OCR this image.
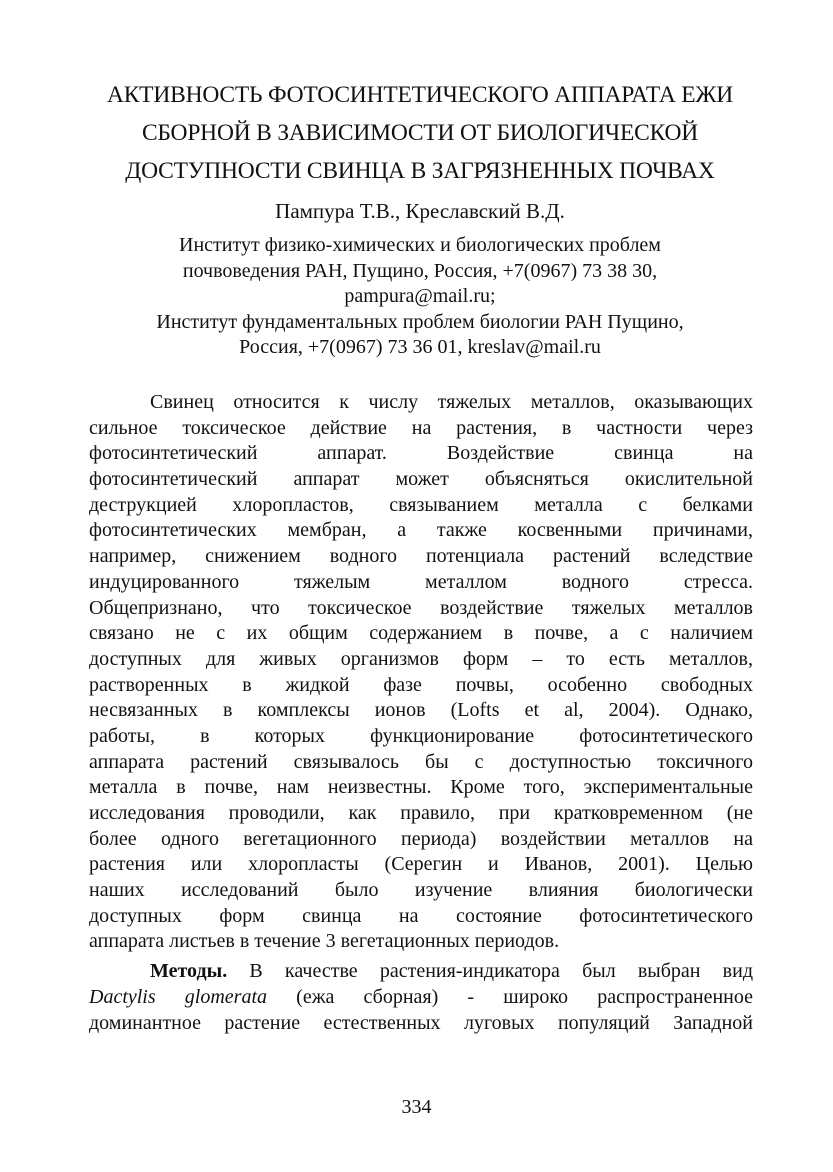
АКТИВНОСТЬ ФОТОСИНТЕТИЧЕСКОГО АППАРАТА ЕЖИ
СБОРНОЙ В ЗАВИСИМОСТИ ОТ БИОЛОГИЧЕСКОЙ
ДОСТУПНОСТИ СВИНЦА В ЗАГРЯЗНЕННЫХ ПОЧВАХ
Пампура Т.В., Креславский В.Д.
Институт физико-химических и биологических проблем
почвоведения РАН, Пущино, Россия, +7(0967) 73 38 30,
pampura@mail.ru;
Институт фундаментальных проблем биологии РАН Пущино,
Россия, +7(0967) 73 36 01, kreslav@mail.ru
Свинец относится к числу тяжелых металлов, оказывающих
сильное токсическое действие на растения, в частности через
фотосинтетический аппарат. Воздействие свинца на
фотосинтетический аппарат может объясняться окислительной
деструкцией хлоропластов, связыванием металла с белками
фотосинтетических мембран, а также косвенными причинами,
например, снижением водного потенциала растений вследствие
индуцированного тяжелым металлом водного стресса.
Общепризнано, что токсическое воздействие тяжелых металлов
связано не с их общим содержанием в почве, а с наличием
доступных для живых организмов форм – то есть металлов,
растворенных в жидкой фазе почвы, особенно свободных
несвязанных в комплексы ионов (Lofts et al, 2004). Однако,
работы, в которых функционирование фотосинтетического
аппарата растений связывалось бы с доступностью токсичного
металла в почве, нам неизвестны. Кроме того, экспериментальные
исследования проводили, как правило, при кратковременном (не
более одного вегетационного периода) воздействии металлов на
растения или хлоропласты (Серегин и Иванов, 2001). Целью
наших исследований было изучение влияния биологически
доступных форм свинца на состояние фотосинтетического
аппарата листьев в течение 3 вегетационных периодов.
Методы. В качестве растения-индикатора был выбран вид
Dactylis glomerata (ежа сборная) - широко распространенное
доминантное растение естественных луговых популяций Западной
334
